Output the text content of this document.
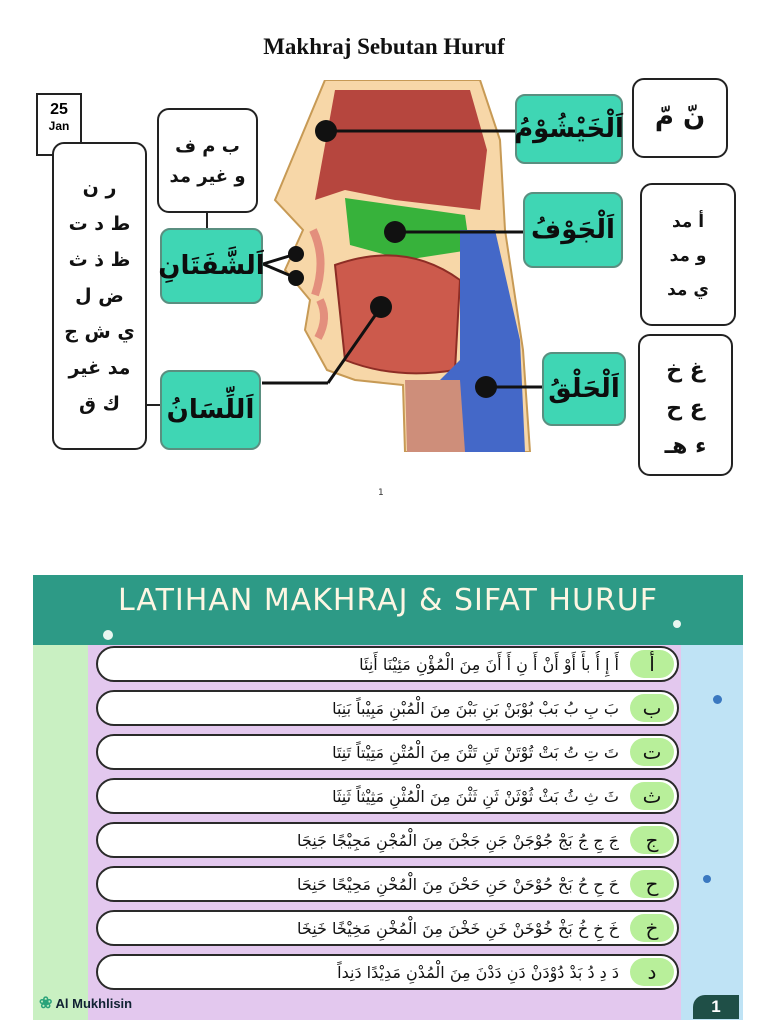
Makhraj Sebutan Huruf
25
Jan	اَلْخَيْشُوْمُ
اَلْجَوْفُ
اَلْحَلْقُ
اَلشَّفَتَانِ
اَللِّسَانُ
نّ مّ
أ مد
و مد
ي مد
غ خ
ع ح
ء هـ
ب م ف
و غير مد
ر ن
ط د ت
ظ ذ ث
ض ل
ي ش ج
مد غير
ك ق
1
LATIHAN MAKHRAJ & SIFAT HURUF
أ
أَ إِ أُ بأَ أَوْ أَنْ أَ نِ أَ أَنَ مِنَ الْمُؤْنِ مَئِيْنَا أَنِئَا
ب
بَ بِ بُ بَبْ بُوْبَنْ بَنِ بَبْنَ مِنَ الْمُبْنِ مَبِيْباً بَنِبَا
ت
تَ تِ تُ بَتْ تُوْتَنْ تَنِ تَتْنَ مِنَ الْمُتْنِ مَتِيْتاً تَنِتَا
ث
ثَ ثِ ثُ بَثْ ثُوْثَنْ ثَنِ ثَثْنَ مِنَ الْمُثْنِ مَثِيْثاً ثَنِثَا
ج
جَ جِ جُ بَجْ جُوْجَنْ جَنِ جَجْنَ مِنَ الْمُجْنِ مَجِيْجًا جَنِجَا
ح
حَ حِ حُ بَحْ حُوْحَنْ حَنِ حَحْنَ مِنَ الْمُحْنِ مَحِيْحًا حَنِحَا
خ
خَ خِ خُ بَخْ خُوْخَنْ خَنِ خَخْنَ مِنَ الْمُخْنِ مَخِيْخًا خَنِخَا
د
دَ دِ دُ بَدْ دُوْدَنْ دَنِ دَدْنَ مِنَ الْمُدْنِ مَدِيْدًا دَنِداً
❀ Al Mukhlisin	1
